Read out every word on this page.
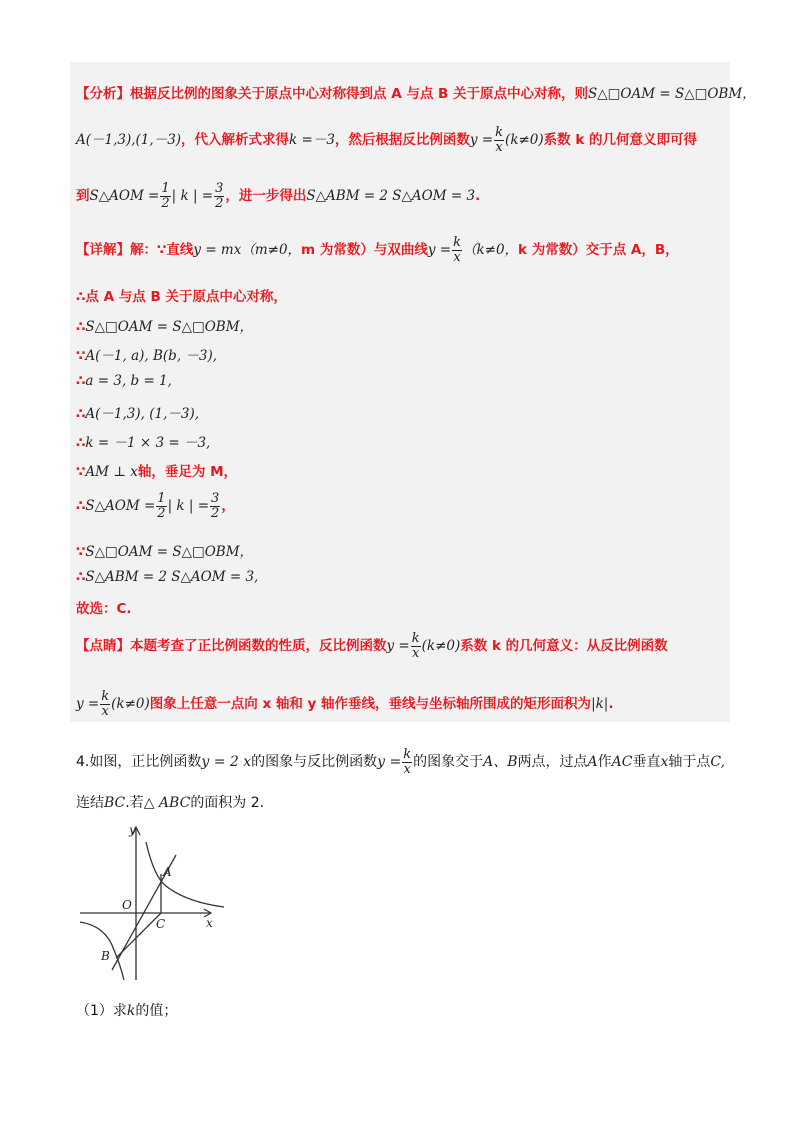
【分析】根据反比例的图象关于原点中心对称得到点 A 与点 B 关于原点中心对称，则S△□OAM = S△□OBM，
A(－1,3),(1,－3)，代入解析式求得k =－3，然后根据反比例函数$y = \frac{k}{x} (k\ne 0)$系数 k 的几何意义即可得
到S△AOM = $\frac{1}{2}$ | k | = $\frac{3}{2}$ ，进一步得出S△ABM = 2 S△AOM = 3.
【详解】解：∵直线y = mx（m≠0，m 为常数）与双曲线$y = \frac{k}{x} (k\ne 0$，k 为常数）交于点 A，B，
∴点 A 与点 B 关于原点中心对称，
∴S△□OAM = S△□OBM，
∵A(－1, a), B(b, －3),
∴a = 3, b = 1,
∴A(－1,3), (1,－3),
∴k = －1 × 3 = －3,
∵AM ⊥ x轴，垂足为 M，
∴S△AOM = $\frac{1}{2}$ | k | = $\frac{3}{2}$ ，
∵S△□OAM = S△□OBM，
∴S△ABM = 2 S△AOM = 3,
故选：C.
【点睛】本题考查了正比例函数的性质，反比例函数$y = \frac{k}{x} (k\ne 0)$系数 k 的几何意义：从反比例函数
$y = \frac{k}{x} (k\ne 0)$图象上任意一点向 x 轴和 y 轴作垂线，垂线与坐标轴所围成的矩形面积为|k|.
4.如图，正比例函数y = 2 x的图象与反比例函数$y = \frac{k}{x}$ 的图象交于A、B两点，过点A作AC垂直x轴于点C,
连结BC.若△ ABC的面积为 2.
y
x
O
A
B
C
（1）求k的值；
